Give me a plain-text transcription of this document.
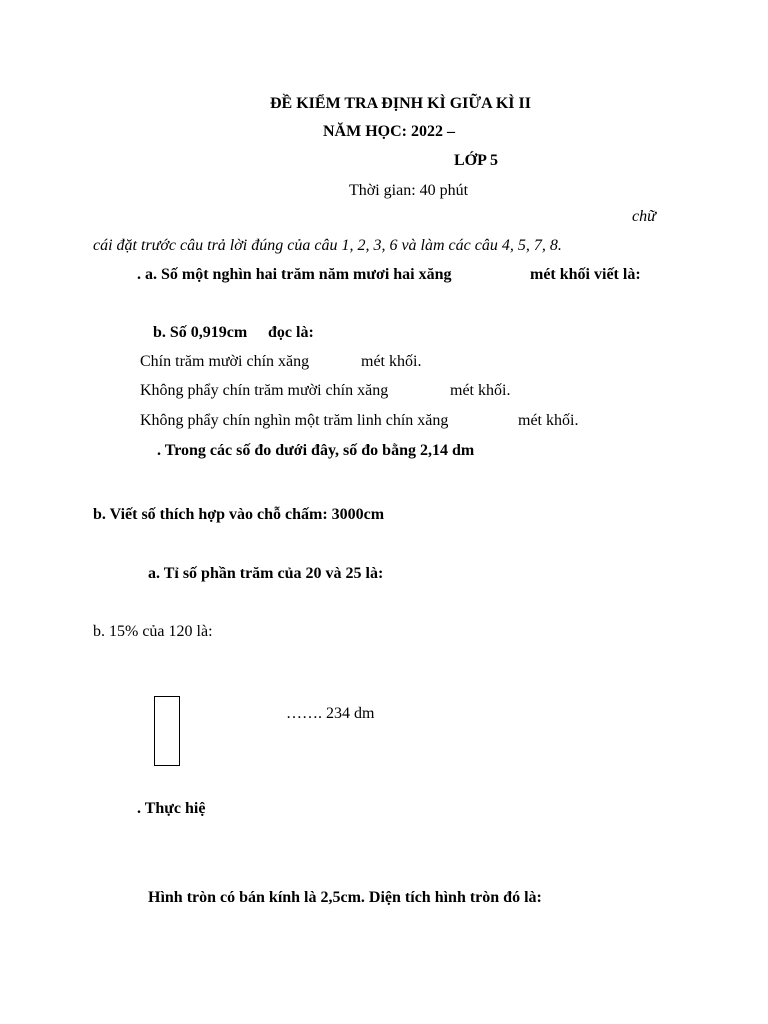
ĐỀ KIỂM TRA ĐỊNH KÌ GIỮA KÌ II
NĂM HỌC: 2022 –
LỚP 5
Thời gian: 40 phút
chữ
cái đặt trước câu trả lời đúng của câu 1, 2, 3, 6 và làm các câu 4, 5, 7, 8.
. a. Số một nghìn hai trăm năm mươi hai xăng	mét khối viết là:
b. Số 0,919cm đọc là:
Chín trăm mười chín xăng	mét khối.
Không phẩy chín trăm mười chín xăng	mét khối.
Không phẩy chín nghìn một trăm linh chín xăng	mét khối.
. Trong các số đo dưới đây, số đo bằng 2,14 dm
b. Viết số thích hợp vào chỗ chấm: 3000cm
a. Tỉ số phần trăm của 20 và 25 là:
b. 15% của 120 là:
……. 234 dm
. Thực hiệ
Hình tròn có bán kính là 2,5cm. Diện tích hình tròn đó là:
